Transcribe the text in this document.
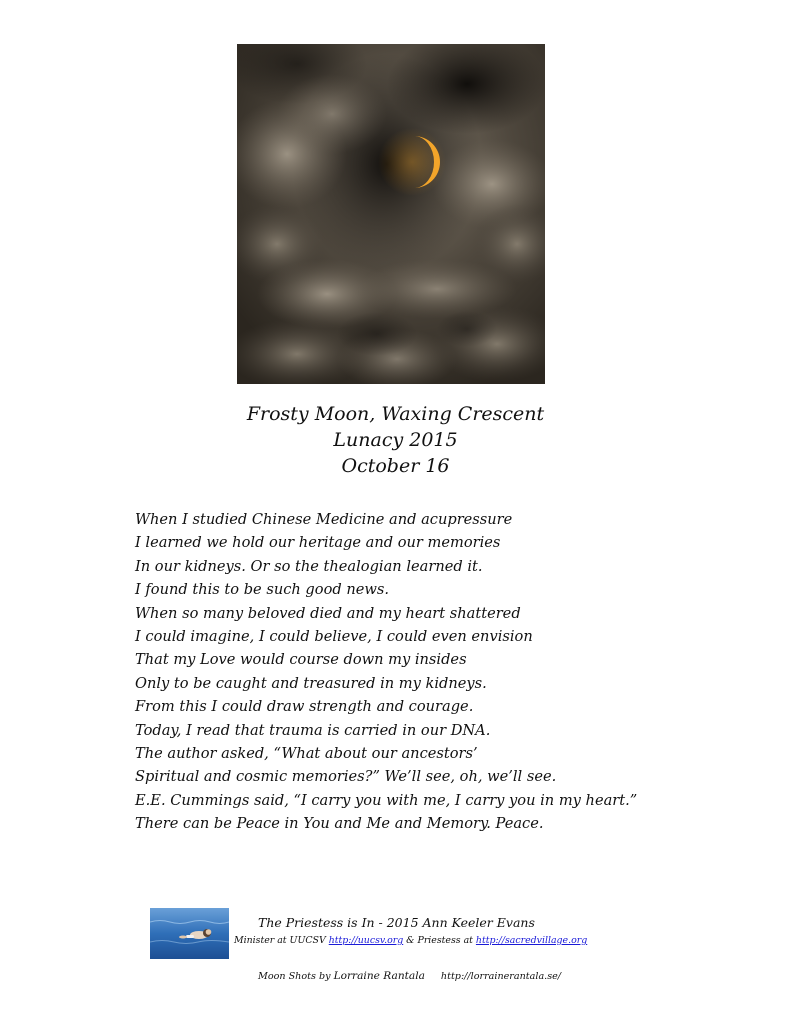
Frosty Moon, Waxing Crescent
Lunacy 2015
October 16
When I studied Chinese Medicine and acupressure
I learned we hold our heritage and our memories
In our kidneys. Or so the thealogian learned it.
I found this to be such good news.
When so many beloved died and my heart shattered
I could imagine, I could believe, I could even envision
That my Love would course down my insides
Only to be caught and treasured in my kidneys.
From this I could draw strength and courage.
Today, I read that trauma is carried in our DNA.
The author asked, “What about our ancestors’
Spiritual and cosmic memories?” We’ll see, oh, we’ll see.
E.E. Cummings said, “I carry you with me, I carry you in my heart.”
There can be Peace in You and Me and Memory. Peace.
The Priestess is In - 2015 Ann Keeler Evans
Minister at UUCSV http://uucsv.org & Priestess at http://sacredvillage.org
Moon Shots by Lorraine Rantala http://lorrainerantala.se/
